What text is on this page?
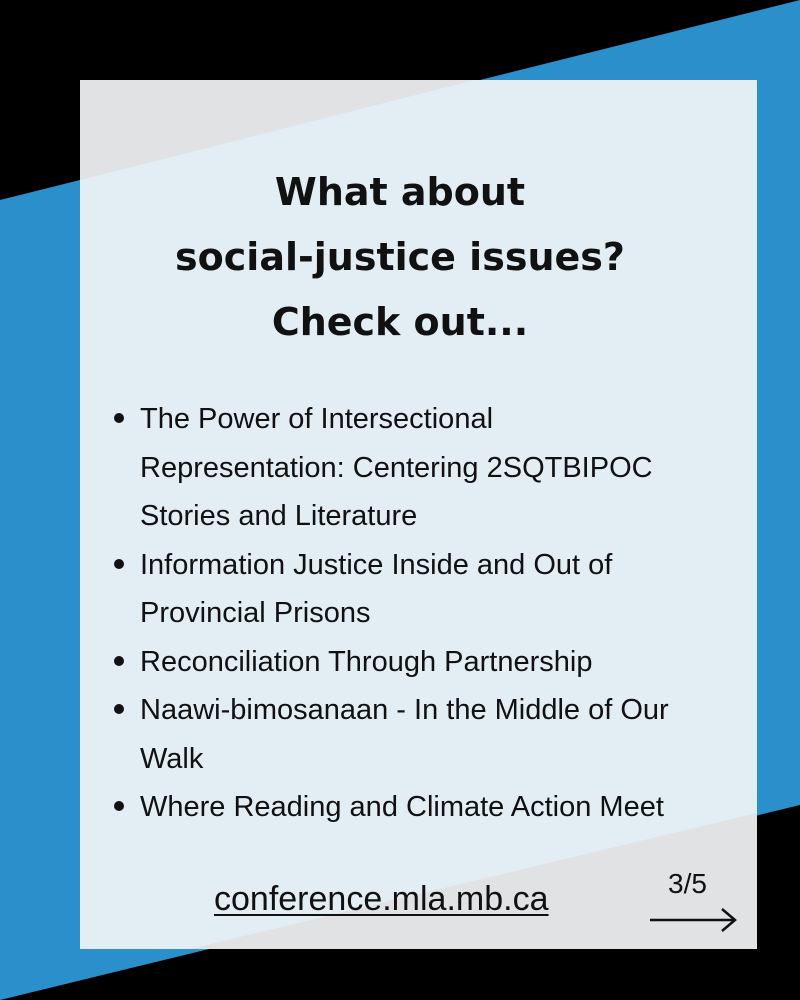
What about
social-justice issues?
Check out...
The Power of Intersectional
Representation: Centering 2SQTBIPOC
Stories and Literature
Information Justice Inside and Out of
Provincial Prisons
Reconciliation Through Partnership
Naawi-bimosanaan - In the Middle of Our
Walk
Where Reading and Climate Action Meet
conference.mla.mb.ca	3/5
